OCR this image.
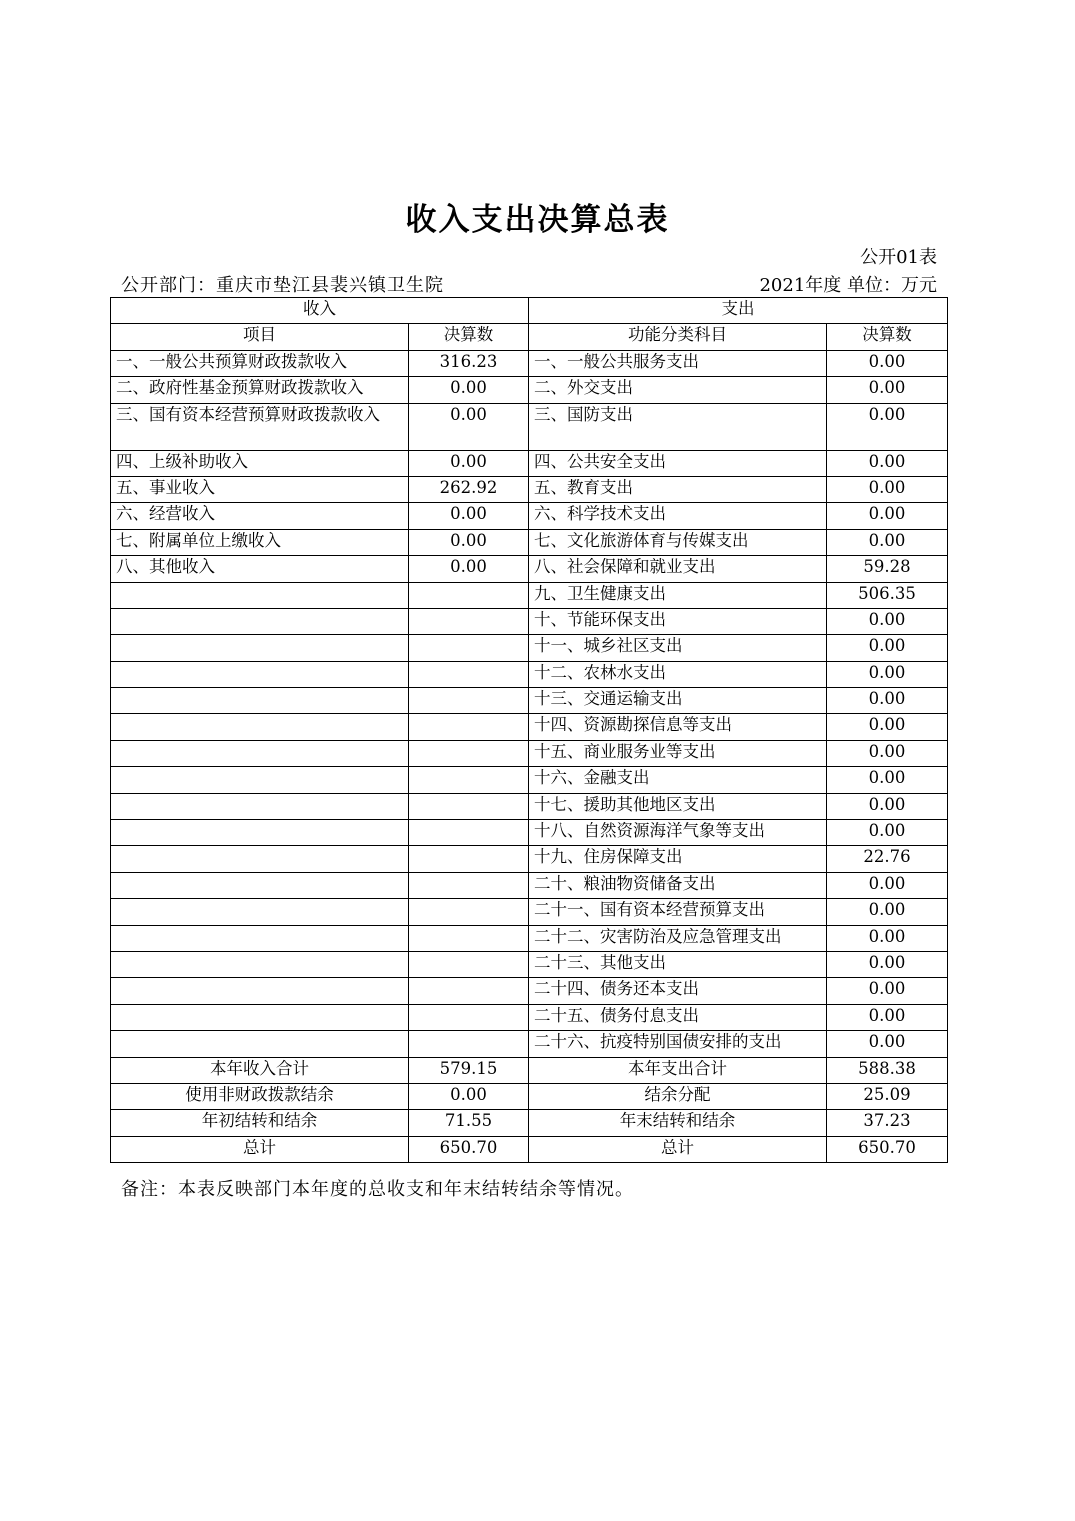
收入支出决算总表
公开01表
公开部门：重庆市垫江县裴兴镇卫生院	2021年度 单位：万元
收入		支出	
项目	决算数	功能分类科目	决算数
一、一般公共预算财政拨款收入	316.23	一、一般公共服务支出	0.00
二、政府性基金预算财政拨款收入	0.00	二、外交支出	0.00
三、国有资本经营预算财政拨款收入	0.00	三、国防支出	0.00
四、上级补助收入	0.00	四、公共安全支出	0.00
五、事业收入	262.92	五、教育支出	0.00
六、经营收入	0.00	六、科学技术支出	0.00
七、附属单位上缴收入	0.00	七、文化旅游体育与传媒支出	0.00
八、其他收入	0.00	八、社会保障和就业支出	59.28
		九、卫生健康支出	506.35
		十、节能环保支出	0.00
		十一、城乡社区支出	0.00
		十二、农林水支出	0.00
		十三、交通运输支出	0.00
		十四、资源勘探信息等支出	0.00
		十五、商业服务业等支出	0.00
		十六、金融支出	0.00
		十七、援助其他地区支出	0.00
		十八、自然资源海洋气象等支出	0.00
		十九、住房保障支出	22.76
		二十、粮油物资储备支出	0.00
		二十一、国有资本经营预算支出	0.00
		二十二、灾害防治及应急管理支出	0.00
		二十三、其他支出	0.00
		二十四、债务还本支出	0.00
		二十五、债务付息支出	0.00
		二十六、抗疫特别国债安排的支出	0.00
本年收入合计	579.15	本年支出合计	588.38
使用非财政拨款结余	0.00	结余分配	25.09
年初结转和结余	71.55	年末结转和结余	37.23
总计	650.70	总计	650.70
备注：本表反映部门本年度的总收支和年末结转结余等情况。
